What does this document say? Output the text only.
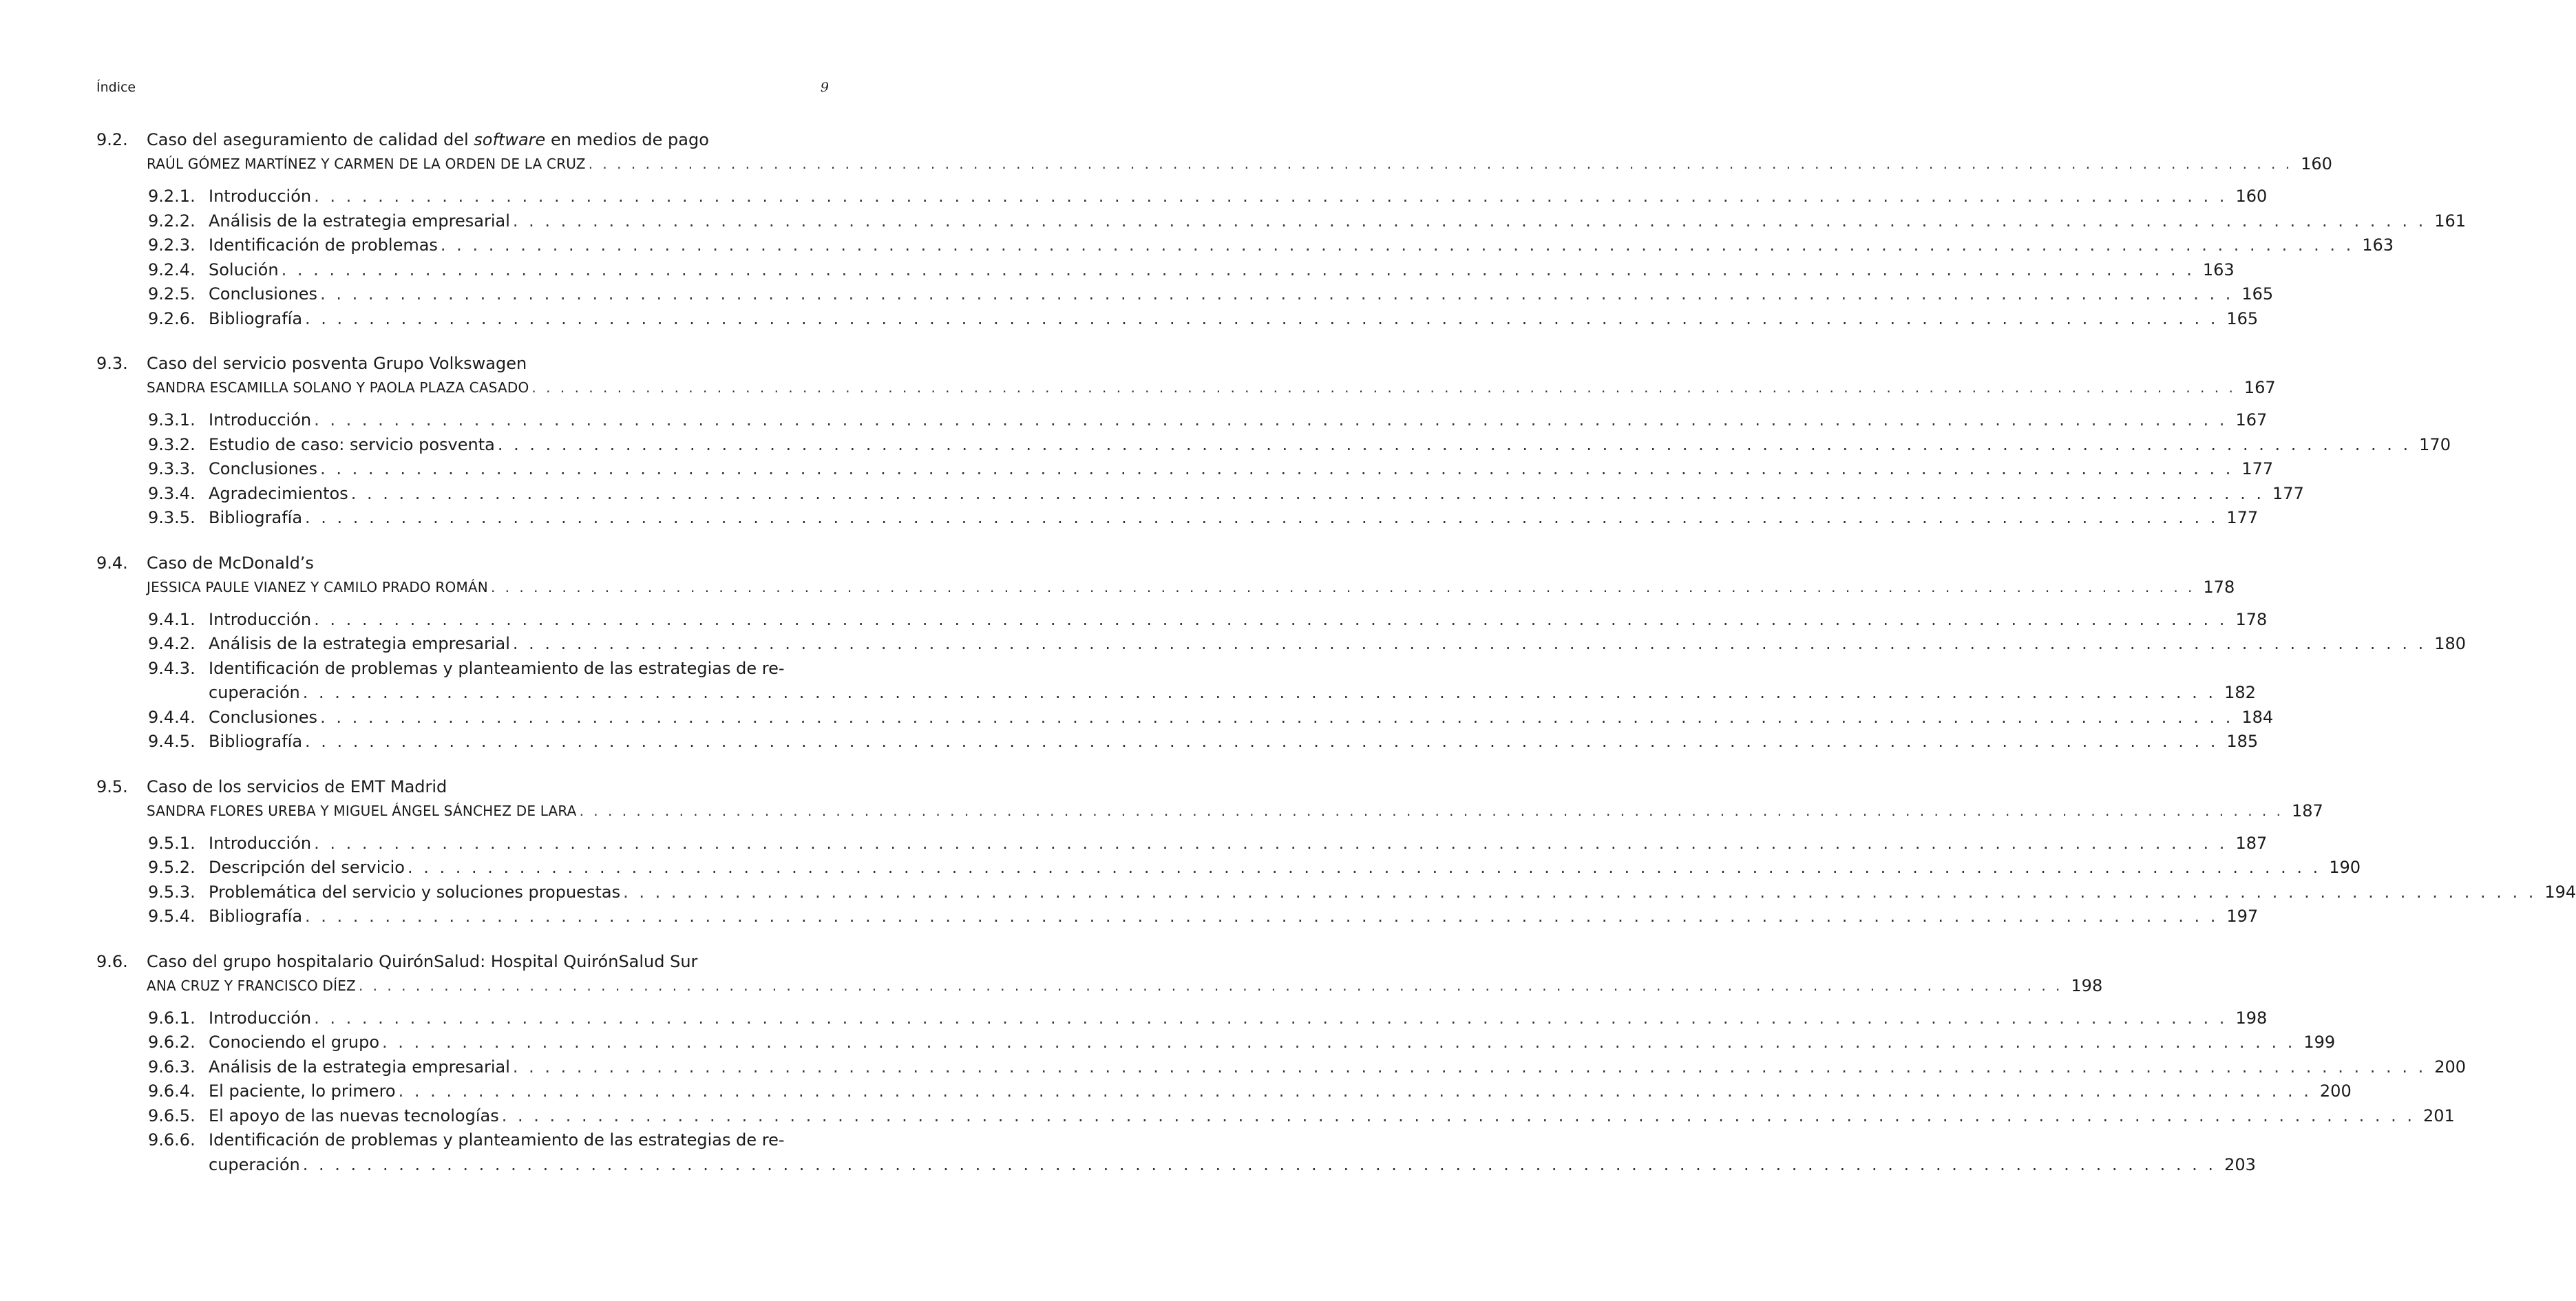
Índice	9
9.2. Caso del aseguramiento de calidad del software en medios de pago
RAÚL GÓMEZ MARTÍNEZ Y CARMEN DE LA ORDEN DE LA CRUZ . . . . . . . . . . . . . . . . . . . . . . . . . . . . . . . . . . . . . . . . . . . . . . . . . . . . . . . . . . . . . . . . . . . . . . . . . . . . . . . . . . . . . . . . . . . . . . . . . . . . . . . . . . . . . . . . . . . . . . . . 160
9.2.1. Introducción . . . . . . . . . . . . . . . . . . . . . . . . . . . . . . . . . . . . . . . . . . . . . . . . . . . . . . . . . . . . . . . . . . . . . . . . . . . . . . . . . . . . . . . . . . . . . . . . . . . . . . . . . . . . . . . . . . . . . . . . 160
9.2.2. Análisis de la estrategia empresarial . . . . . . . . . . . . . . . . . . . . . . . . . . . . . . . . . . . . . . . . . . . . . . . . . . . . . . . . . . . . . . . . . . . . . . . . . . . . . . . . . . . . . . . . . . . . . . . . . . . . . . . . . . . . . . . . . . . . . . . . 161
9.2.3. Identificación de problemas . . . . . . . . . . . . . . . . . . . . . . . . . . . . . . . . . . . . . . . . . . . . . . . . . . . . . . . . . . . . . . . . . . . . . . . . . . . . . . . . . . . . . . . . . . . . . . . . . . . . . . . . . . . . . . . . . . . . . . . . 163
9.2.4. Solución . . . . . . . . . . . . . . . . . . . . . . . . . . . . . . . . . . . . . . . . . . . . . . . . . . . . . . . . . . . . . . . . . . . . . . . . . . . . . . . . . . . . . . . . . . . . . . . . . . . . . . . . . . . . . . . . . . . . . . . . 163
9.2.5. Conclusiones . . . . . . . . . . . . . . . . . . . . . . . . . . . . . . . . . . . . . . . . . . . . . . . . . . . . . . . . . . . . . . . . . . . . . . . . . . . . . . . . . . . . . . . . . . . . . . . . . . . . . . . . . . . . . . . . . . . . . . . . 165
9.2.6. Bibliografía . . . . . . . . . . . . . . . . . . . . . . . . . . . . . . . . . . . . . . . . . . . . . . . . . . . . . . . . . . . . . . . . . . . . . . . . . . . . . . . . . . . . . . . . . . . . . . . . . . . . . . . . . . . . . . . . . . . . . . . . 165
9.3. Caso del servicio posventa Grupo Volkswagen
SANDRA ESCAMILLA SOLANO Y PAOLA PLAZA CASADO . . . . . . . . . . . . . . . . . . . . . . . . . . . . . . . . . . . . . . . . . . . . . . . . . . . . . . . . . . . . . . . . . . . . . . . . . . . . . . . . . . . . . . . . . . . . . . . . . . . . . . . . . . . . . . . . . . . . . . . . 167
9.3.1. Introducción . . . . . . . . . . . . . . . . . . . . . . . . . . . . . . . . . . . . . . . . . . . . . . . . . . . . . . . . . . . . . . . . . . . . . . . . . . . . . . . . . . . . . . . . . . . . . . . . . . . . . . . . . . . . . . . . . . . . . . . . 167
9.3.2. Estudio de caso: servicio posventa . . . . . . . . . . . . . . . . . . . . . . . . . . . . . . . . . . . . . . . . . . . . . . . . . . . . . . . . . . . . . . . . . . . . . . . . . . . . . . . . . . . . . . . . . . . . . . . . . . . . . . . . . . . . . . . . . . . . . . . . 170
9.3.3. Conclusiones . . . . . . . . . . . . . . . . . . . . . . . . . . . . . . . . . . . . . . . . . . . . . . . . . . . . . . . . . . . . . . . . . . . . . . . . . . . . . . . . . . . . . . . . . . . . . . . . . . . . . . . . . . . . . . . . . . . . . . . . 177
9.3.4. Agradecimientos . . . . . . . . . . . . . . . . . . . . . . . . . . . . . . . . . . . . . . . . . . . . . . . . . . . . . . . . . . . . . . . . . . . . . . . . . . . . . . . . . . . . . . . . . . . . . . . . . . . . . . . . . . . . . . . . . . . . . . . . 177
9.3.5. Bibliografía . . . . . . . . . . . . . . . . . . . . . . . . . . . . . . . . . . . . . . . . . . . . . . . . . . . . . . . . . . . . . . . . . . . . . . . . . . . . . . . . . . . . . . . . . . . . . . . . . . . . . . . . . . . . . . . . . . . . . . . . 177
9.4. Caso de McDonald’s
JESSICA PAULE VIANEZ Y CAMILO PRADO ROMÁN . . . . . . . . . . . . . . . . . . . . . . . . . . . . . . . . . . . . . . . . . . . . . . . . . . . . . . . . . . . . . . . . . . . . . . . . . . . . . . . . . . . . . . . . . . . . . . . . . . . . . . . . . . . . . . . . . . . . . . . . 178
9.4.1. Introducción . . . . . . . . . . . . . . . . . . . . . . . . . . . . . . . . . . . . . . . . . . . . . . . . . . . . . . . . . . . . . . . . . . . . . . . . . . . . . . . . . . . . . . . . . . . . . . . . . . . . . . . . . . . . . . . . . . . . . . . . 178
9.4.2. Análisis de la estrategia empresarial . . . . . . . . . . . . . . . . . . . . . . . . . . . . . . . . . . . . . . . . . . . . . . . . . . . . . . . . . . . . . . . . . . . . . . . . . . . . . . . . . . . . . . . . . . . . . . . . . . . . . . . . . . . . . . . . . . . . . . . . 180
9.4.3. Identificación de problemas y planteamiento de las estrategias de re-
cuperación . . . . . . . . . . . . . . . . . . . . . . . . . . . . . . . . . . . . . . . . . . . . . . . . . . . . . . . . . . . . . . . . . . . . . . . . . . . . . . . . . . . . . . . . . . . . . . . . . . . . . . . . . . . . . . . . . . . . . . . . 182
9.4.4. Conclusiones . . . . . . . . . . . . . . . . . . . . . . . . . . . . . . . . . . . . . . . . . . . . . . . . . . . . . . . . . . . . . . . . . . . . . . . . . . . . . . . . . . . . . . . . . . . . . . . . . . . . . . . . . . . . . . . . . . . . . . . . 184
9.4.5. Bibliografía . . . . . . . . . . . . . . . . . . . . . . . . . . . . . . . . . . . . . . . . . . . . . . . . . . . . . . . . . . . . . . . . . . . . . . . . . . . . . . . . . . . . . . . . . . . . . . . . . . . . . . . . . . . . . . . . . . . . . . . . 185
9.5. Caso de los servicios de EMT Madrid
SANDRA FLORES UREBA Y MIGUEL ÁNGEL SÁNCHEZ DE LARA . . . . . . . . . . . . . . . . . . . . . . . . . . . . . . . . . . . . . . . . . . . . . . . . . . . . . . . . . . . . . . . . . . . . . . . . . . . . . . . . . . . . . . . . . . . . . . . . . . . . . . . . . . . . . . . . . . . . . . . . 187
9.5.1. Introducción . . . . . . . . . . . . . . . . . . . . . . . . . . . . . . . . . . . . . . . . . . . . . . . . . . . . . . . . . . . . . . . . . . . . . . . . . . . . . . . . . . . . . . . . . . . . . . . . . . . . . . . . . . . . . . . . . . . . . . . . 187
9.5.2. Descripción del servicio . . . . . . . . . . . . . . . . . . . . . . . . . . . . . . . . . . . . . . . . . . . . . . . . . . . . . . . . . . . . . . . . . . . . . . . . . . . . . . . . . . . . . . . . . . . . . . . . . . . . . . . . . . . . . . . . . . . . . . . . 190
9.5.3. Problemática del servicio y soluciones propuestas . . . . . . . . . . . . . . . . . . . . . . . . . . . . . . . . . . . . . . . . . . . . . . . . . . . . . . . . . . . . . . . . . . . . . . . . . . . . . . . . . . . . . . . . . . . . . . . . . . . . . . . . . . . . . . . . . . . . . . . . 194
9.5.4. Bibliografía . . . . . . . . . . . . . . . . . . . . . . . . . . . . . . . . . . . . . . . . . . . . . . . . . . . . . . . . . . . . . . . . . . . . . . . . . . . . . . . . . . . . . . . . . . . . . . . . . . . . . . . . . . . . . . . . . . . . . . . . 197
9.6. Caso del grupo hospitalario QuirónSalud: Hospital QuirónSalud Sur
ANA CRUZ Y FRANCISCO DÍEZ . . . . . . . . . . . . . . . . . . . . . . . . . . . . . . . . . . . . . . . . . . . . . . . . . . . . . . . . . . . . . . . . . . . . . . . . . . . . . . . . . . . . . . . . . . . . . . . . . . . . . . . . . . . . . . . . . . . . . . . . 198
9.6.1. Introducción . . . . . . . . . . . . . . . . . . . . . . . . . . . . . . . . . . . . . . . . . . . . . . . . . . . . . . . . . . . . . . . . . . . . . . . . . . . . . . . . . . . . . . . . . . . . . . . . . . . . . . . . . . . . . . . . . . . . . . . . 198
9.6.2. Conociendo el grupo . . . . . . . . . . . . . . . . . . . . . . . . . . . . . . . . . . . . . . . . . . . . . . . . . . . . . . . . . . . . . . . . . . . . . . . . . . . . . . . . . . . . . . . . . . . . . . . . . . . . . . . . . . . . . . . . . . . . . . . . 199
9.6.3. Análisis de la estrategia empresarial . . . . . . . . . . . . . . . . . . . . . . . . . . . . . . . . . . . . . . . . . . . . . . . . . . . . . . . . . . . . . . . . . . . . . . . . . . . . . . . . . . . . . . . . . . . . . . . . . . . . . . . . . . . . . . . . . . . . . . . . 200
9.6.4. El paciente, lo primero . . . . . . . . . . . . . . . . . . . . . . . . . . . . . . . . . . . . . . . . . . . . . . . . . . . . . . . . . . . . . . . . . . . . . . . . . . . . . . . . . . . . . . . . . . . . . . . . . . . . . . . . . . . . . . . . . . . . . . . . 200
9.6.5. El apoyo de las nuevas tecnologías . . . . . . . . . . . . . . . . . . . . . . . . . . . . . . . . . . . . . . . . . . . . . . . . . . . . . . . . . . . . . . . . . . . . . . . . . . . . . . . . . . . . . . . . . . . . . . . . . . . . . . . . . . . . . . . . . . . . . . . . 201
9.6.6. Identificación de problemas y planteamiento de las estrategias de re-
cuperación . . . . . . . . . . . . . . . . . . . . . . . . . . . . . . . . . . . . . . . . . . . . . . . . . . . . . . . . . . . . . . . . . . . . . . . . . . . . . . . . . . . . . . . . . . . . . . . . . . . . . . . . . . . . . . . . . . . . . . . . 203
